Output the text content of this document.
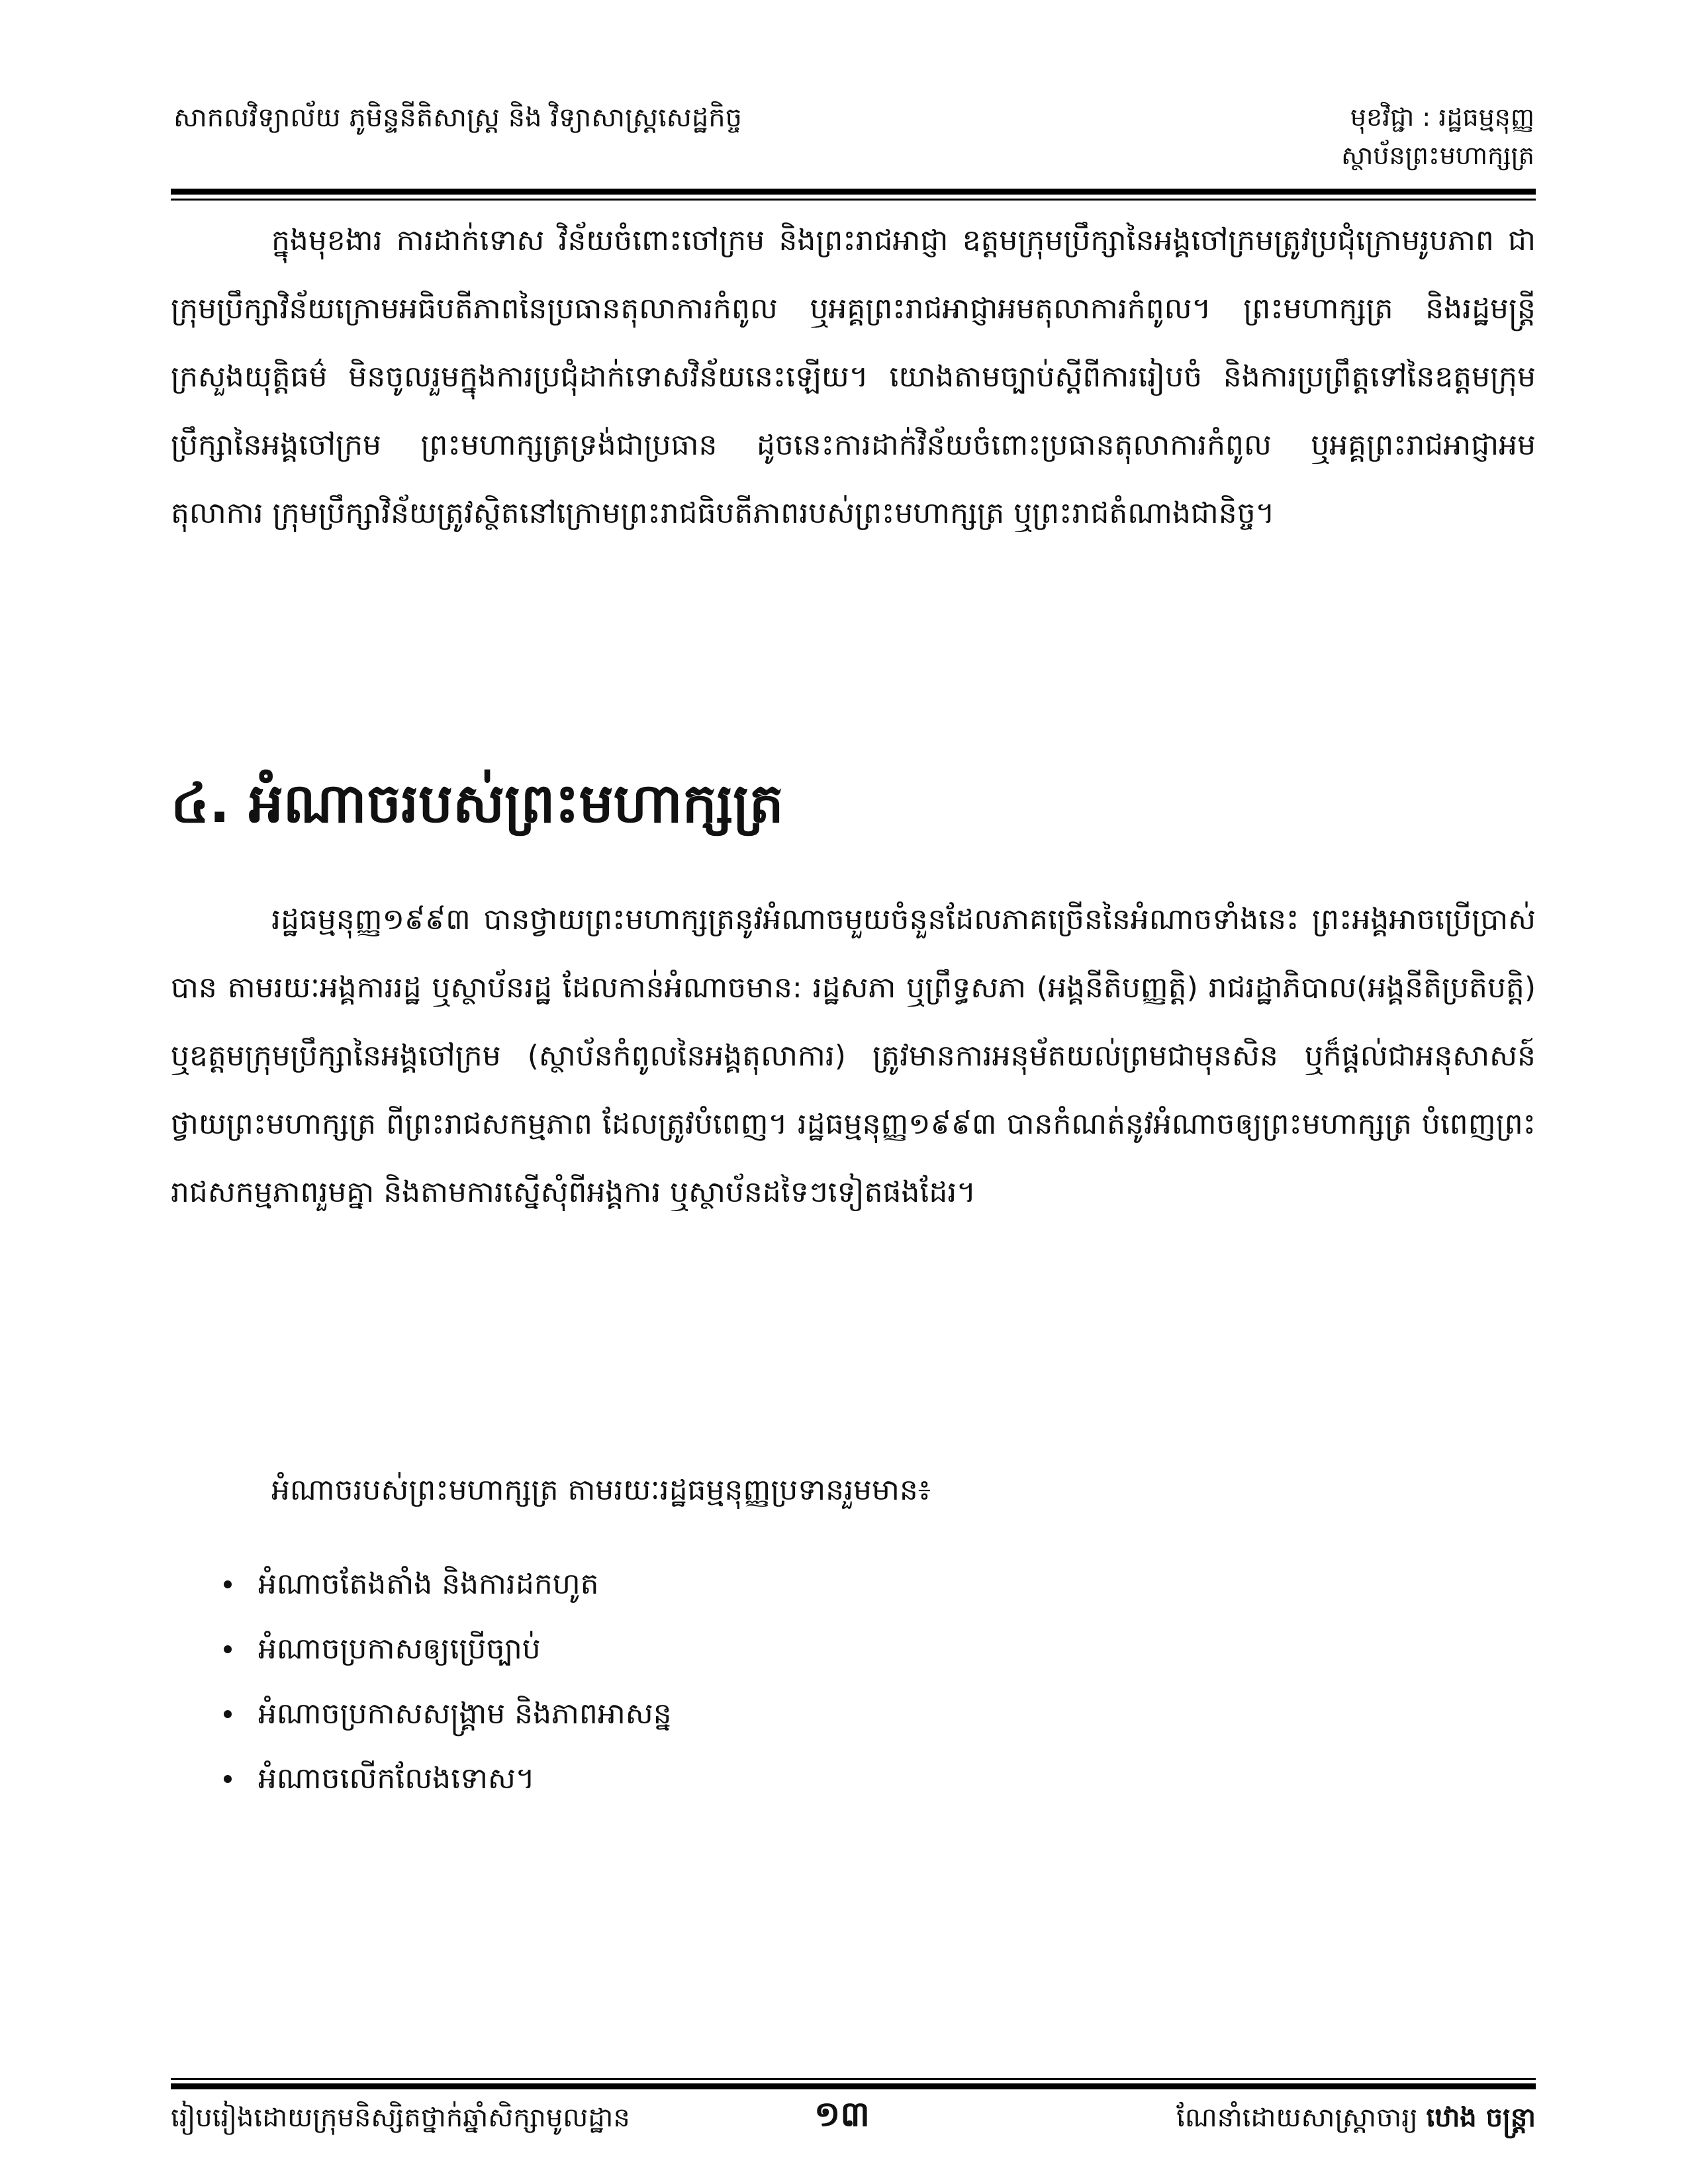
សាកលវិទ្យាល័យ ភូមិន្ទនីតិសាស្ត្រ និង វិទ្យាសាស្ត្រសេដ្ឋកិច្ច	មុខវិជ្ជា : រដ្ឋធម្មនុញ្ញ
ស្ថាប័នព្រះមហាក្សត្រ

ក្នុងមុខងារ ការដាក់ទោស វិន័យចំពោះចៅក្រម និងព្រះរាជអាជ្ញា ឧត្តមក្រុមប្រឹក្សានៃអង្គចៅក្រមត្រូវប្រជុំក្រោមរូបភាព ជាក្រុមប្រឹក្សាវិន័យក្រោមអធិបតីភាពនៃប្រធានតុលាការកំពូល ឬអគ្គព្រះរាជអាជ្ញាអមតុលាការកំពូល។ ព្រះមហាក្សត្រ និងរដ្ឋមន្ត្រីក្រសួងយុត្តិធម៌ មិនចូលរួមក្នុងការប្រជុំដាក់ទោសវិន័យនេះឡើយ។ យោងតាមច្បាប់ស្តីពីការរៀបចំ និងការប្រព្រឹត្តទៅនៃឧត្តមក្រុមប្រឹក្សានៃអង្គចៅក្រម ព្រះមហាក្សត្រទ្រង់ជាប្រធាន ដូចនេះការដាក់វិន័យចំពោះប្រធានតុលាការកំពូល ឬអគ្គព្រះរាជអាជ្ញាអមតុលាការ ក្រុមប្រឹក្សាវិន័យត្រូវស្ថិតនៅក្រោមព្រះរាជធិបតីភាពរបស់ព្រះមហាក្សត្រ ឬព្រះរាជតំណាងជានិច្ច។

៤. អំណាចរបស់ព្រះមហាក្សត្រ

រដ្ឋធម្មនុញ្ញ១៩៩៣ បានថ្វាយព្រះមហាក្សត្រនូវអំណាចមួយចំនួនដែលភាគច្រើននៃអំណាចទាំងនេះ ព្រះអង្គអាចប្រើប្រាស់បាន តាមរយៈអង្គការរដ្ឋ ឬស្ថាប័នរដ្ឋ ដែលកាន់អំណាចមាន: រដ្ឋសភា ឬព្រឹទ្ធសភា (អង្គនីតិបញ្ញត្តិ) រាជរដ្ឋាភិបាល(អង្គនីតិប្រតិបត្តិ) ឬឧត្តមក្រុមប្រឹក្សានៃអង្គចៅក្រម (ស្ថាប័នកំពូលនៃអង្គតុលាការ) ត្រូវមានការអនុម័តយល់ព្រមជាមុនសិន ឬក៏ផ្តល់ជាអនុសាសន៍ថ្វាយព្រះមហាក្សត្រ ពីព្រះរាជសកម្មភាព ដែលត្រូវបំពេញ។ រដ្ឋធម្មនុញ្ញ១៩៩៣ បានកំណត់នូវអំណាចឲ្យព្រះមហាក្សត្រ បំពេញព្រះរាជសកម្មភាពរួមគ្នា និងតាមការស្នើសុំពីអង្គការ ឬស្ថាប័នដទៃៗទៀតផងដែរ។

អំណាចរបស់ព្រះមហាក្សត្រ តាមរយៈរដ្ឋធម្មនុញ្ញប្រទានរួមមាន៖

អំណាចតែងតាំង និងការដកហូត
អំណាចប្រកាសឲ្យប្រើច្បាប់
អំណាចប្រកាសសង្គ្រាម និងភាពអាសន្ន
អំណាចលើកលែងទោស។
រៀបរៀងដោយក្រុមនិស្សិតថ្នាក់ឆ្នាំសិក្សាមូលដ្ឋាន	១៣	ណែនាំដោយសាស្ត្រាចារ្យ ឋោង ចន្ត្រា
